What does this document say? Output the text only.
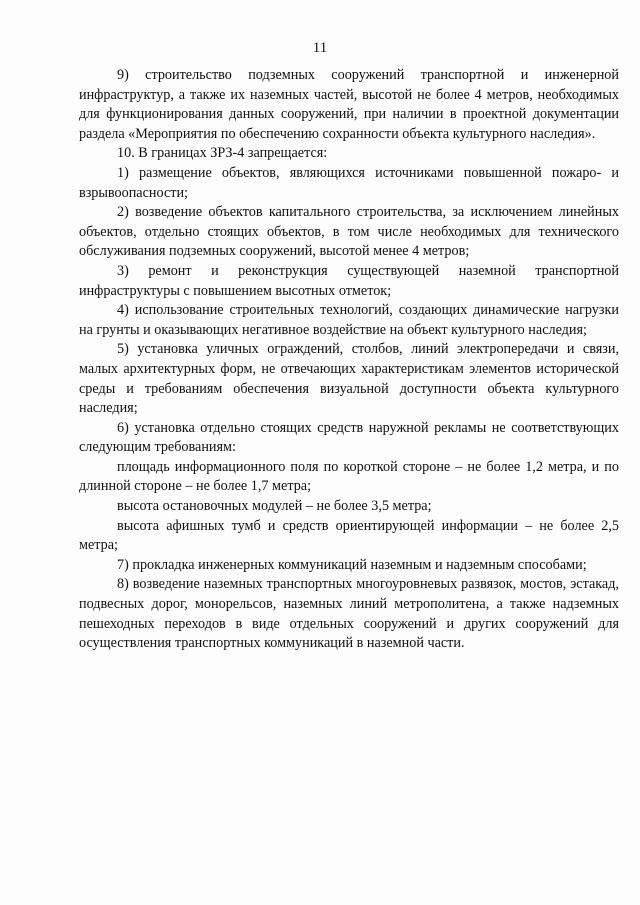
11

9) строительство подземных сооружений транспортной и инженерной инфраструктур, а также их наземных частей, высотой не более 4 метров, необходимых для функционирования данных сооружений, при наличии в проектной документации раздела «Мероприятия по обеспечению сохранности объекта культурного наследия».

10. В границах ЗРЗ-4 запрещается:

1) размещение объектов, являющихся источниками повышенной пожаро- и взрывоопасности;

2) возведение объектов капитального строительства, за исключением линейных объектов, отдельно стоящих объектов, в том числе необходимых для технического обслуживания подземных сооружений, высотой менее 4 метров;

3) ремонт и реконструкция существующей наземной транспортной инфраструктуры с повышением высотных отметок;

4) использование строительных технологий, создающих динамические нагрузки на грунты и оказывающих негативное воздействие на объект культурного наследия;

5) установка уличных ограждений, столбов, линий электропередачи и связи, малых архитектурных форм, не отвечающих характеристикам элементов исторической среды и требованиям обеспечения визуальной доступности объекта культурного наследия;

6) установка отдельно стоящих средств наружной рекламы не соответствующих следующим требованиям:

площадь информационного поля по короткой стороне – не более 1,2 метра, и по длинной стороне – не более 1,7 метра;

высота остановочных модулей – не более 3,5 метра;

высота афишных тумб и средств ориентирующей информации – не более 2,5 метра;

7) прокладка инженерных коммуникаций наземным и надземным способами;

8) возведение наземных транспортных многоуровневых развязок, мостов, эстакад, подвесных дорог, монорельсов, наземных линий метрополитена, а также надземных пешеходных переходов в виде отдельных сооружений и других сооружений для осуществления транспортных коммуникаций в наземной части.
